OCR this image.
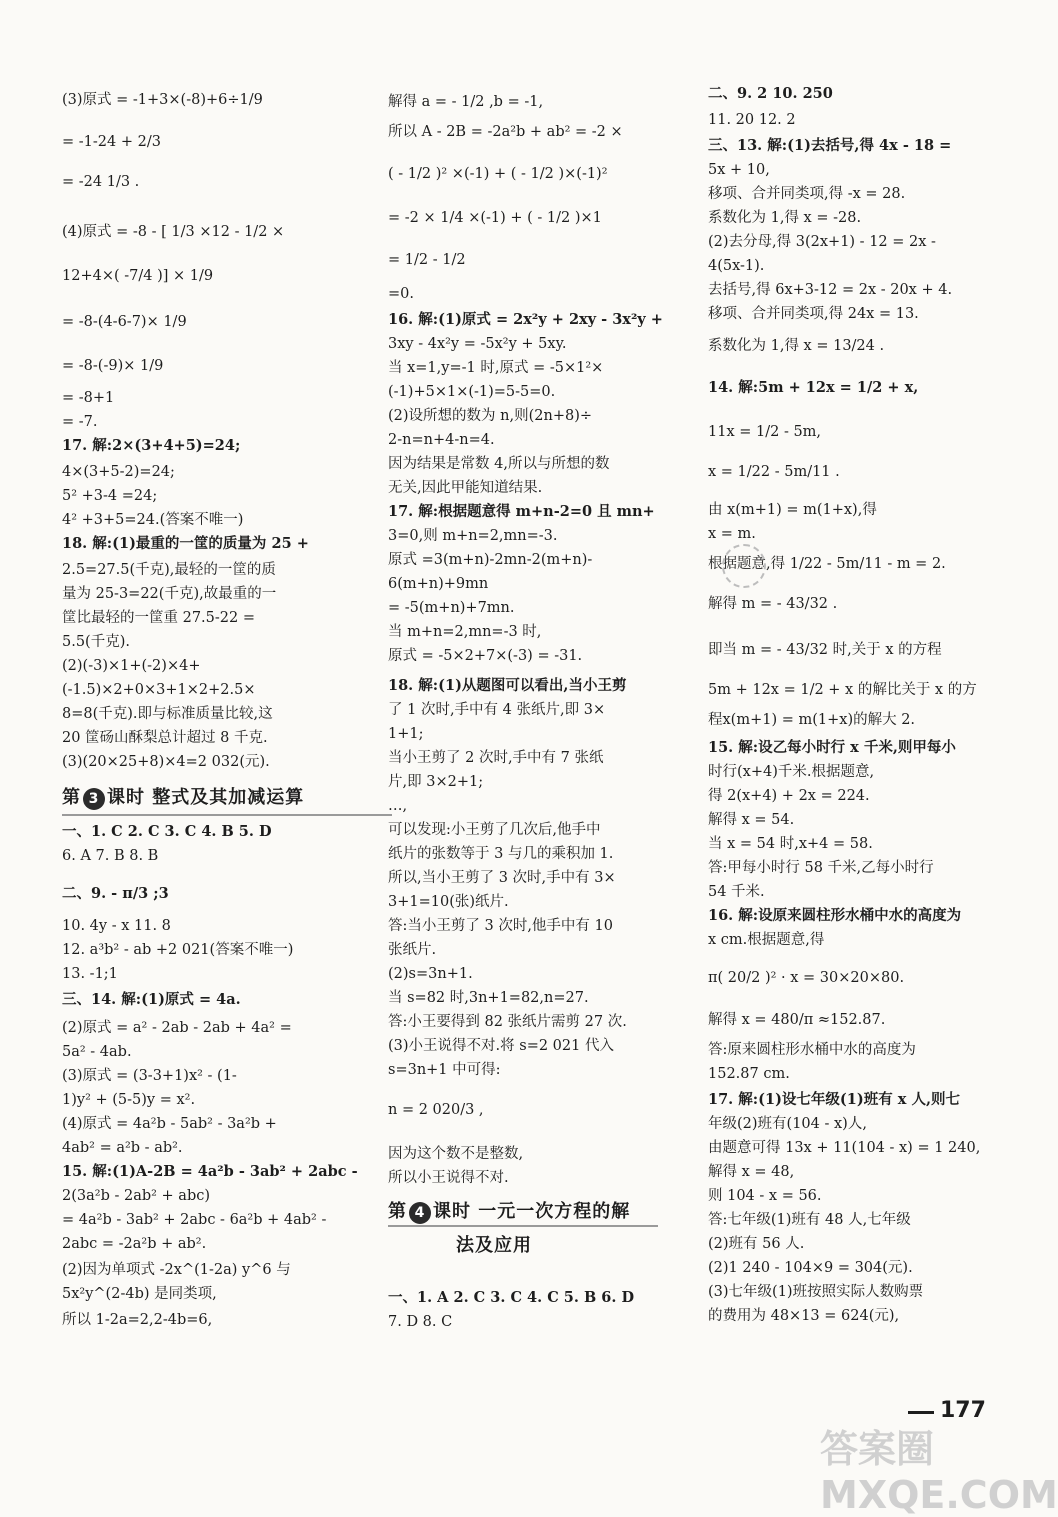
(3)原式 = -1+3×(-8)+6÷1/9
= -1-24 + 2/3
= -24 1/3 .
(4)原式 = -8 - [ 1/3 ×12 - 1/2 ×
12+4×( -7/4 )] × 1/9
= -8-(4-6-7)× 1/9
= -8-(-9)× 1/9
= -8+1
= -7.
17. 解:2×(3+4+5)=24;
4×(3+5-2)=24;
5² +3-4 =24;
4² +3+5=24.(答案不唯一)
18. 解:(1)最重的一筐的质量为 25 +
2.5=27.5(千克),最轻的一筐的质
量为 25-3=22(千克),故最重的一
筐比最轻的一筐重 27.5-22 =
5.5(千克).
(2)(-3)×1+(-2)×4+
(-1.5)×2+0×3+1×2+2.5×
8=8(千克).即与标准质量比较,这
20 筐砀山酥梨总计超过 8 千克.
(3)(20×25+8)×4=2 032(元).
一、1. C 2. C 3. C 4. B 5. D
6. A 7. B 8. B
二、9. - π/3 ;3
10. 4y - x 11. 8
12. a³b² - ab +2 021(答案不唯一)
13. -1;1
三、14. 解:(1)原式 = 4a.
(2)原式 = a² - 2ab - 2ab + 4a² =
5a² - 4ab.
(3)原式 = (3-3+1)x² - (1-
1)y² + (5-5)y = x².
(4)原式 = 4a²b - 5ab² - 3a²b +
4ab² = a²b - ab².
15. 解:(1)A-2B = 4a²b - 3ab² + 2abc -
2(3a²b - 2ab² + abc)
= 4a²b - 3ab² + 2abc - 6a²b + 4ab² -
2abc = -2a²b + ab².
(2)因为单项式 -2x^(1-2a) y^6 与
5x²y^(2-4b) 是同类项,
所以 1-2a=2,2-4b=6,
第 3 课时 整式及其加减运算
解得 a = - 1/2 ,b = -1,
所以 A - 2B = -2a²b + ab² = -2 ×
( - 1/2 )² ×(-1) + ( - 1/2 )×(-1)²
= -2 × 1/4 ×(-1) + ( - 1/2 )×1
= 1/2 - 1/2
=0.
16. 解:(1)原式 = 2x²y + 2xy - 3x²y +
3xy - 4x²y = -5x²y + 5xy.
当 x=1,y=-1 时,原式 = -5×1²×
(-1)+5×1×(-1)=5-5=0.
(2)设所想的数为 n,则(2n+8)÷
2-n=n+4-n=4.
因为结果是常数 4,所以与所想的数
无关,因此甲能知道结果.
17. 解:根据题意得 m+n-2=0 且 mn+
3=0,则 m+n=2,mn=-3.
原式 =3(m+n)-2mn-2(m+n)-
6(m+n)+9mn
= -5(m+n)+7mn.
当 m+n=2,mn=-3 时,
原式 = -5×2+7×(-3) = -31.
18. 解:(1)从题图可以看出,当小王剪
了 1 次时,手中有 4 张纸片,即 3×
1+1;
当小王剪了 2 次时,手中有 7 张纸
片,即 3×2+1;
…,
可以发现:小王剪了几次后,他手中
纸片的张数等于 3 与几的乘积加 1.
所以,当小王剪了 3 次时,手中有 3×
3+1=10(张)纸片.
答:当小王剪了 3 次时,他手中有 10
张纸片.
(2)s=3n+1.
当 s=82 时,3n+1=82,n=27.
答:小王要得到 82 张纸片需剪 27 次.
(3)小王说得不对.将 s=2 021 代入
s=3n+1 中可得:
n = 2 020/3 ,
因为这个数不是整数,
所以小王说得不对.
一、1. A 2. C 3. C 4. C 5. B 6. D
7. D 8. C
第 4 课时 一元一次方程的解
法及应用
二、9. 2 10. 250
11. 20 12. 2
三、13. 解:(1)去括号,得 4x - 18 =
5x + 10,
移项、合并同类项,得 -x = 28.
系数化为 1,得 x = -28.
(2)去分母,得 3(2x+1) - 12 = 2x -
4(5x-1).
去括号,得 6x+3-12 = 2x - 20x + 4.
移项、合并同类项,得 24x = 13.
系数化为 1,得 x = 13/24 .
14. 解:5m + 12x = 1/2 + x,
11x = 1/2 - 5m,
x = 1/22 - 5m/11 .
由 x(m+1) = m(1+x),得
x = m.
根据题意,得 1/22 - 5m/11 - m = 2.
解得 m = - 43/32 .
即当 m = - 43/32 时,关于 x 的方程
5m + 12x = 1/2 + x 的解比关于 x 的方
程x(m+1) = m(1+x)的解大 2.
15. 解:设乙每小时行 x 千米,则甲每小
时行(x+4)千米.根据题意,
得 2(x+4) + 2x = 224.
解得 x = 54.
当 x = 54 时,x+4 = 58.
答:甲每小时行 58 千米,乙每小时行
54 千米.
16. 解:设原来圆柱形水桶中水的高度为
x cm.根据题意,得
π( 20/2 )² · x = 30×20×80.
解得 x = 480/π ≈152.87.
答:原来圆柱形水桶中水的高度为
152.87 cm.
17. 解:(1)设七年级(1)班有 x 人,则七
年级(2)班有(104 - x)人,
由题意可得 13x + 11(104 - x) = 1 240,
解得 x = 48,
则 104 - x = 56.
答:七年级(1)班有 48 人,七年级
(2)班有 56 人.
(2)1 240 - 104×9 = 304(元).
(3)七年级(1)班按照实际人数购票
的费用为 48×13 = 624(元),
答案圈 MXQE.COM
177
